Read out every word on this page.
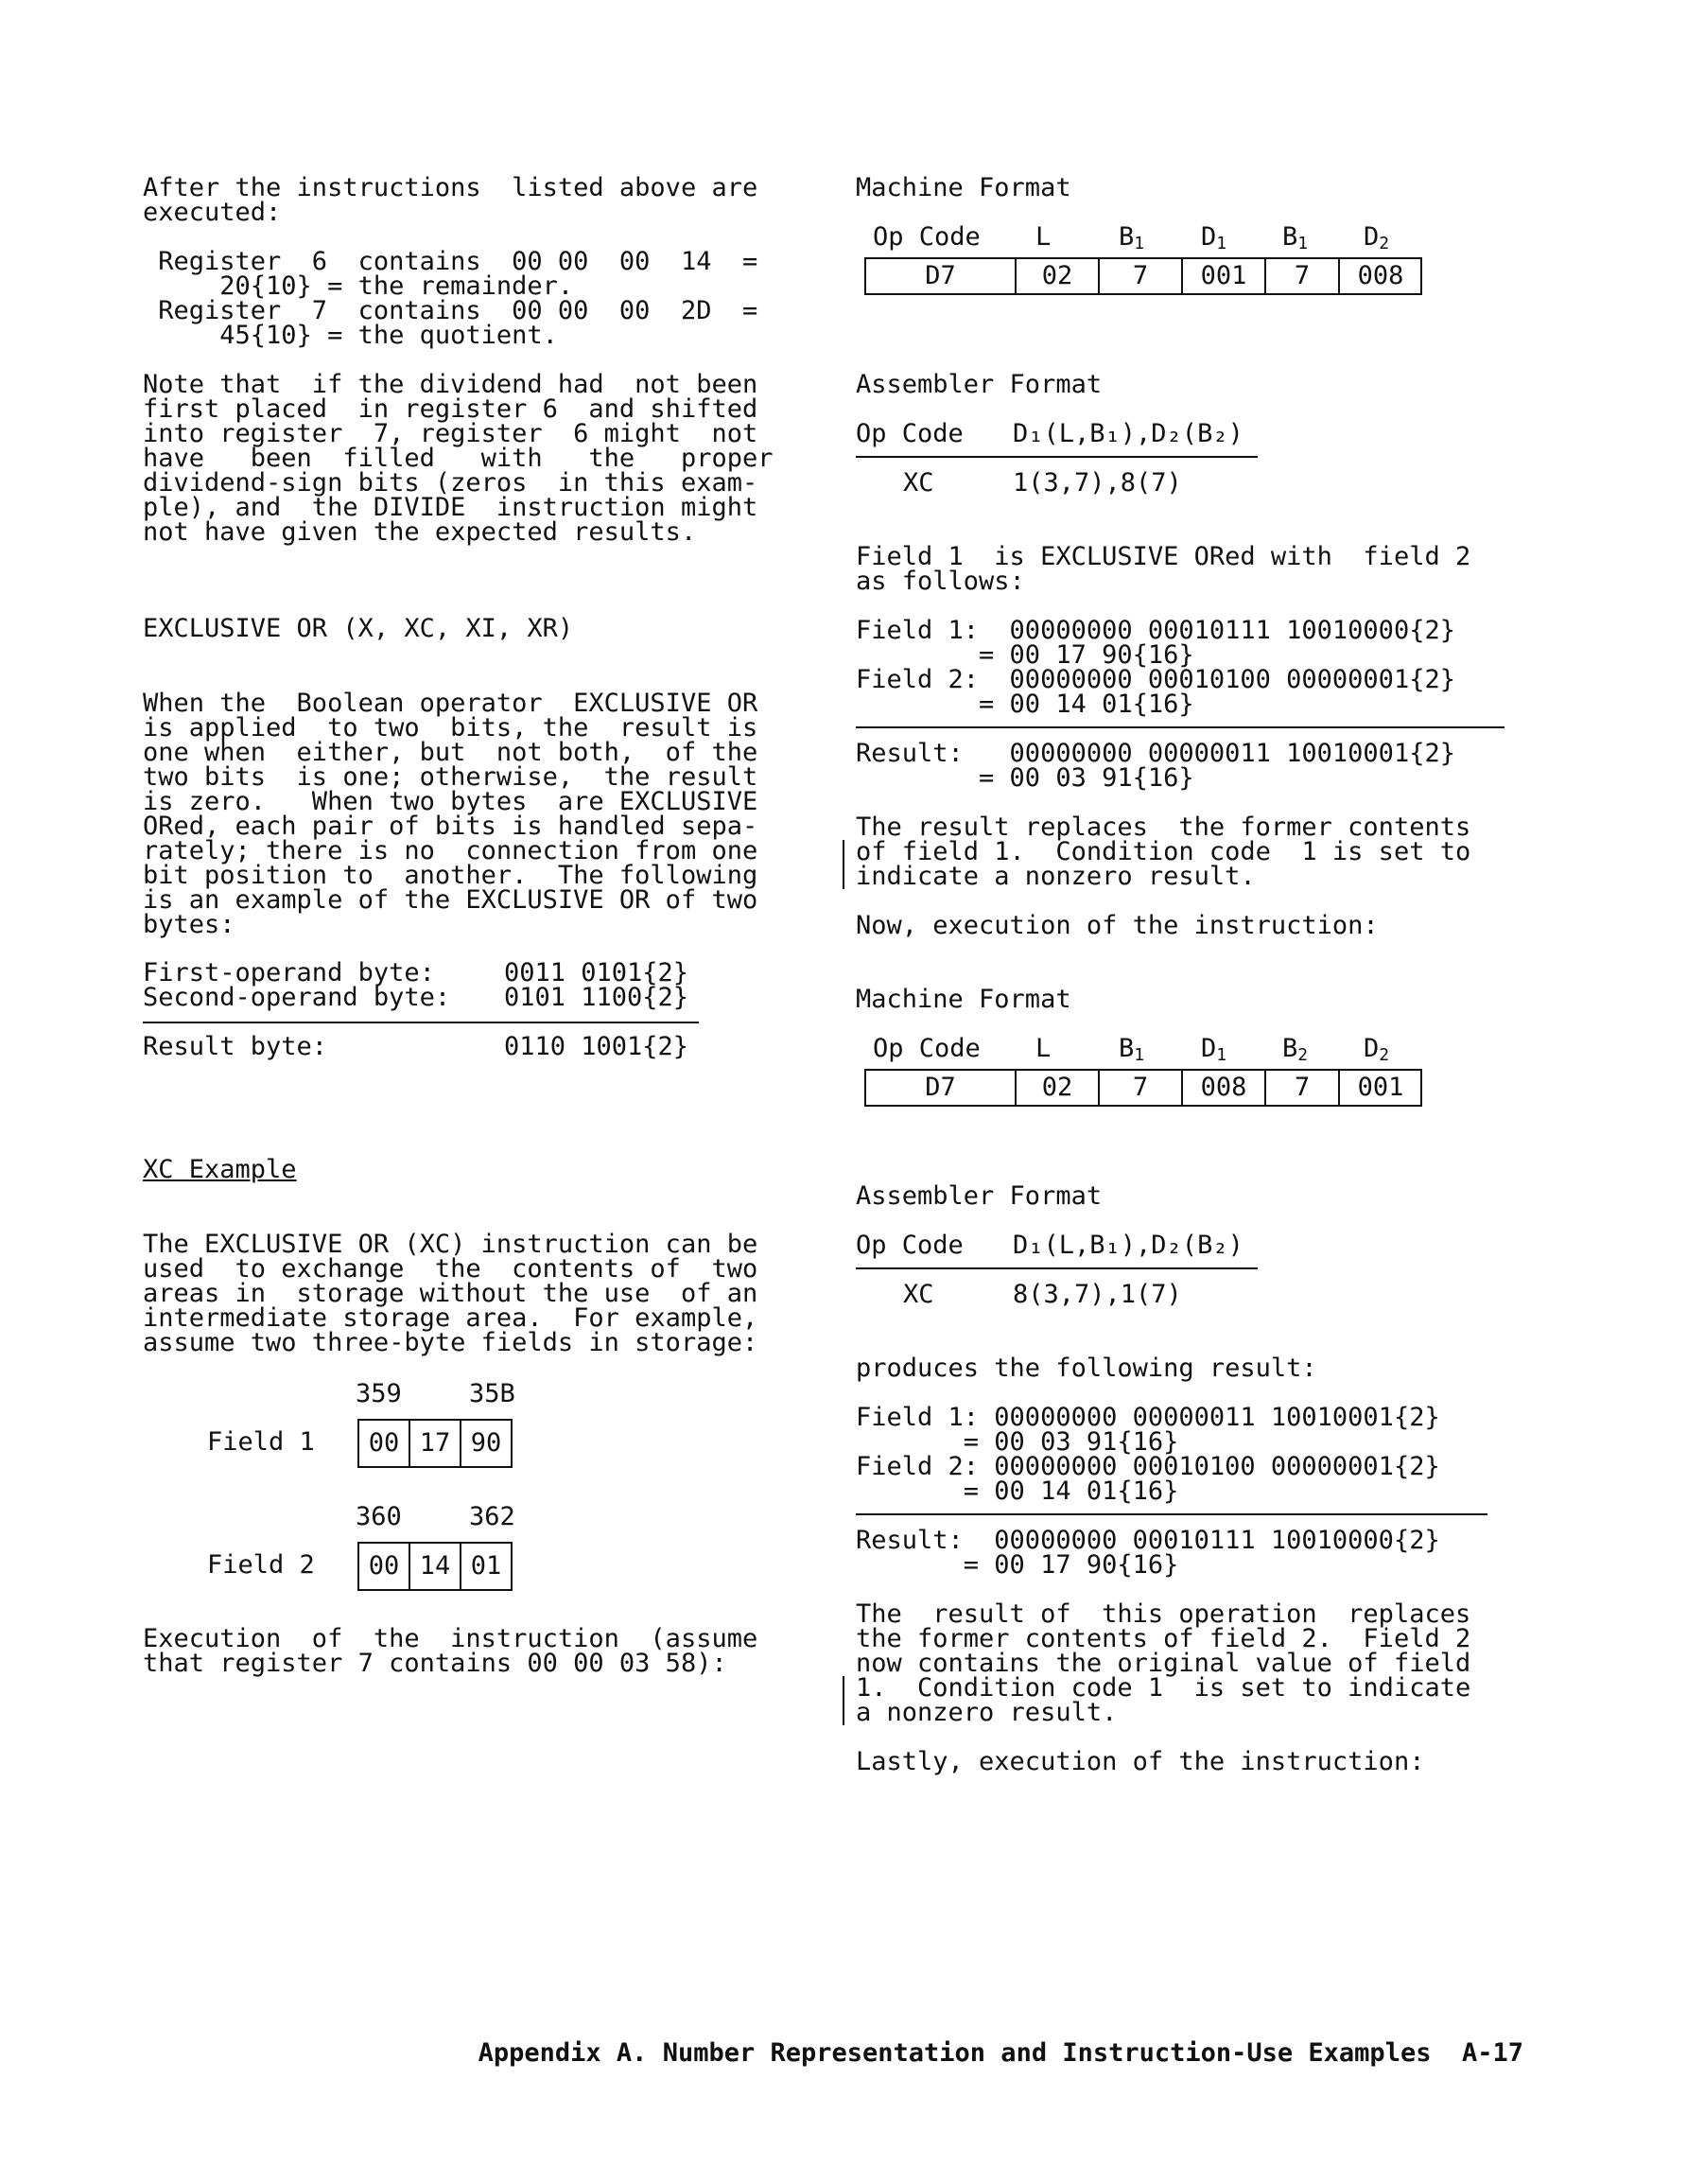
After the instructions  listed above are
executed:
Register  6  contains  00 00  00  14  =
20{10} = the remainder.
Register  7  contains  00 00  00  2D  =
45{10} = the quotient.
Note that  if the dividend had  not been
first placed  in register 6  and shifted
into register  7, register  6 might  not
have   been  filled   with   the   proper
dividend-sign bits (zeros  in this exam-
ple), and  the DIVIDE  instruction might
not have given the expected results.
EXCLUSIVE OR (X, XC, XI, XR)
When the  Boolean operator  EXCLUSIVE OR
is applied  to two  bits, the  result is
one when  either, but  not both,  of the
two bits  is one; otherwise,  the result
is zero.   When two bytes  are EXCLUSIVE
ORed, each pair of bits is handled sepa-
rately; there is no  connection from one
bit position to  another.  The following
is an example of the EXCLUSIVE OR of two
bytes:
First-operand byte:	0011 0101{2}
Second-operand byte: 0101 1100{2}
Result byte:	0110 1001{2}
XC Example
The EXCLUSIVE OR (XC) instruction can be
used  to exchange  the  contents of  two
areas in  storage without the use  of an
intermediate storage area.  For example,
assume two three-byte fields in storage:
359	35B
Field 1	00 17 90
360	362
Field 2	00 14 01
Execution  of  the  instruction  (assume
that register 7 contains 00 00 03 58):
Machine Format
Op Code L	$B_1$ $D_1$ $B_1$ $D_2$
D7	02	7	001	7	008
Assembler Format
Op Code D₁(L,B₁),D₂(B₂)
XC	1(3,7),8(7)
Field 1  is EXCLUSIVE ORed with  field 2
as follows:
Field 1:  00000000 00010111 10010000{2}
= 00 17 90{16}
Field 2:  00000000 00010100 00000001{2}
= 00 14 01{16}
Result:   00000000 00000011 10010001{2}
= 00 03 91{16}
The result replaces  the former contents
of field 1.  Condition code  1 is set to
indicate a nonzero result.
Now, execution of the instruction:
Machine Format
Op Code L	$B_1$ $D_1$ $B_2$ $D_2$
D7	02	7	008	7	001
Assembler Format
Op Code D₁(L,B₁),D₂(B₂)
XC	8(3,7),1(7)
produces the following result:
Field 1: 00000000 00000011 10010001{2}
= 00 03 91{16}
Field 2: 00000000 00010100 00000001{2}
= 00 14 01{16}
Result:  00000000 00010111 10010000{2}
= 00 17 90{16}
The  result of  this operation  replaces
the former contents of field 2.  Field 2
now contains the original value of field
1.  Condition code 1  is set to indicate
a nonzero result.
Lastly, execution of the instruction:
Appendix A. Number Representation and Instruction-Use Examples  A-17
